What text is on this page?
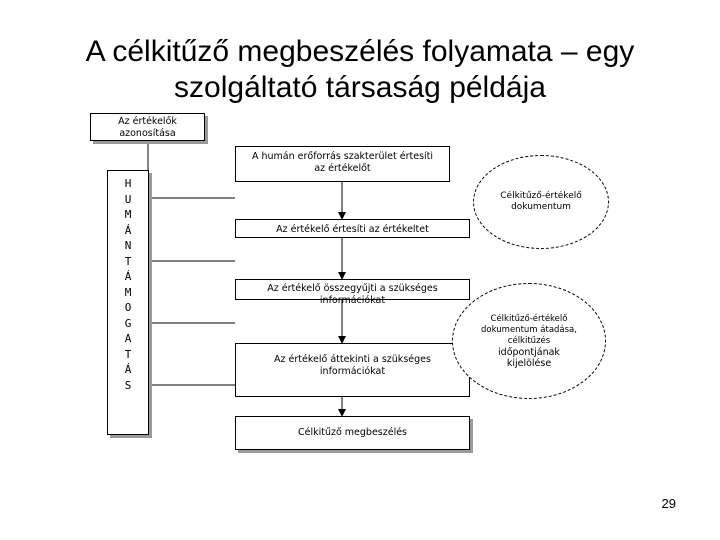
A célkitűző megbeszélés folyamata – egy
szolgáltató társaság példája
Az értékelők azonosítása
A humán erőforrás szakterület értesíti az értékelőt
Az értékelő értesíti az értékeltet
Az értékelő összegyűjti a szükséges információkat
Az értékelő áttekinti a szükséges információkat
Célkitűző megbeszélés
H
U
M
Á
N
T
Á
M
O
G
A
T
Á
S
Célkitűző-értékelő dokumentum
Célkitűző-értékelő
dokumentum átadása,
célkitűzés
időpontjának
kijelölése
29
